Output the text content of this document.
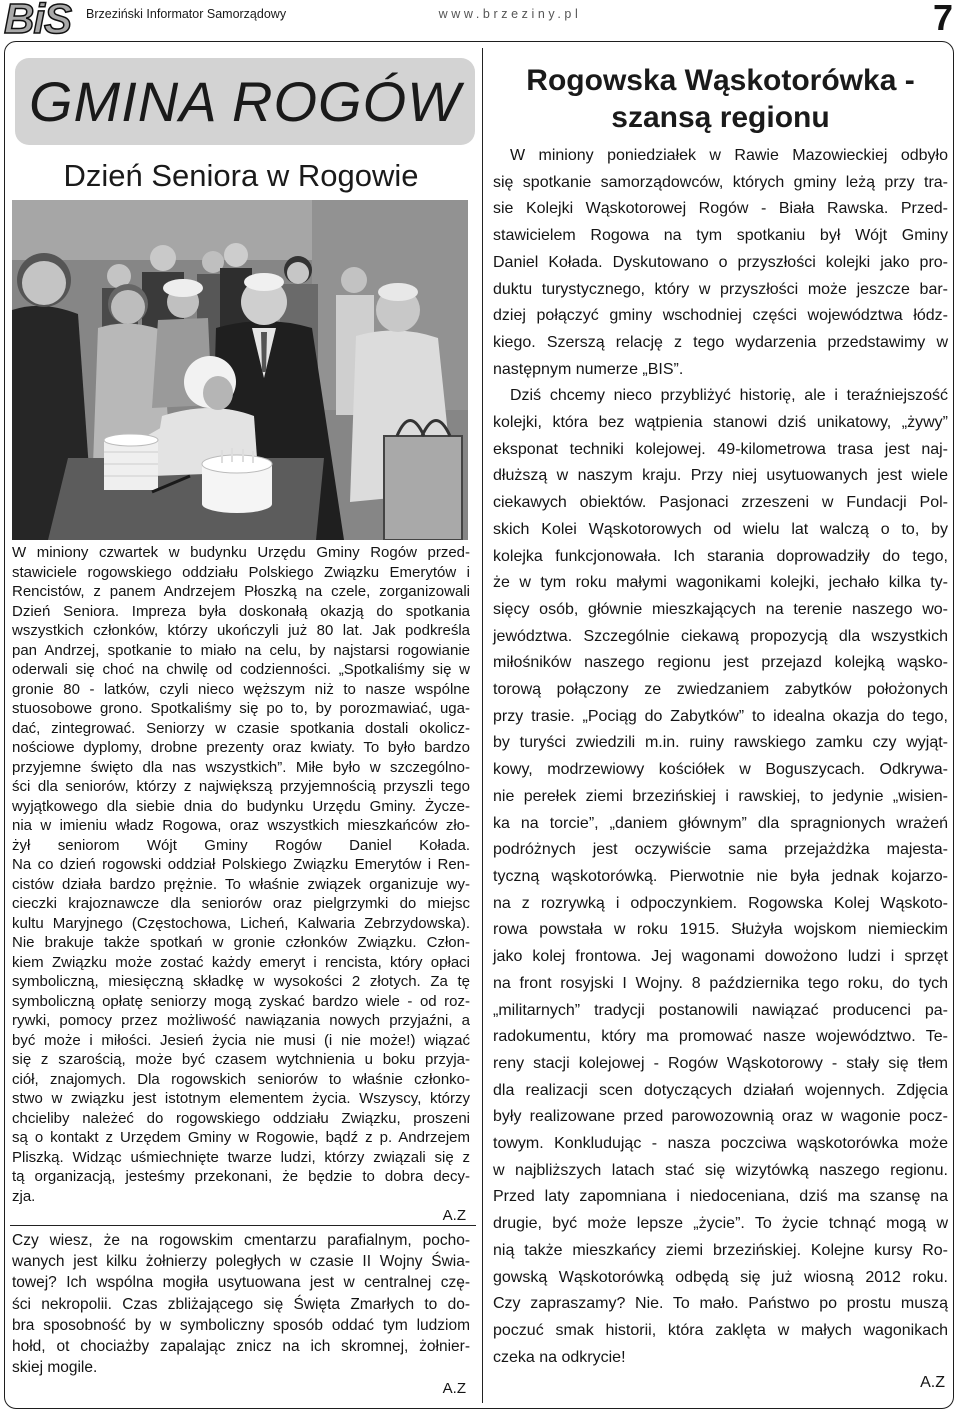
BiS Brzeziński Informator Samorządowy	www.brzeziny.pl	7
GMINA ROGÓW
Dzień Seniora w Rogowie
W miniony czwartek w budynku Urzędu Gminy Rogów przed-
stawiciele rogowskiego oddziału Polskiego Związku Emerytów i
Rencistów, z panem Andrzejem Płoszką na czele, zorganizowali
Dzień Seniora. Impreza była doskonałą okazją do spotkania
wszystkich członków, którzy ukończyli już 80 lat. Jak podkreśla
pan Andrzej, spotkanie to miało na celu, by najstarsi rogowianie
oderwali się choć na chwilę od codzienności. „Spotkaliśmy się w
gronie 80 - latków, czyli nieco węższym niż to nasze wspólne
stuosobowe grono. Spotkaliśmy się po to, by porozmawiać, uga-
dać, zintegrować. Seniorzy w czasie spotkania dostali okolicz-
nościowe dyplomy, drobne prezenty oraz kwiaty. To było bardzo
przyjemne święto dla nas wszystkich”. Miłe było w szczególno-
ści dla seniorów, którzy z największą przyjemnością przyszli tego
wyjątkowego dla siebie dnia do budynku Urzędu Gminy. Życze-
nia w imieniu władz Rogowa, oraz wszystkich mieszkańców zło-
żył seniorom Wójt Gminy Rogów Daniel Kołada.
Na co dzień rogowski oddział Polskiego Związku Emerytów i Ren-
cistów działa bardzo prężnie. To właśnie związek organizuje wy-
cieczki krajoznawcze dla seniorów oraz pielgrzymki do miejsc
kultu Maryjnego (Częstochowa, Licheń, Kalwaria Zebrzydowska).
Nie brakuje także spotkań w gronie członków Związku. Człon-
kiem Związku może zostać każdy emeryt i rencista, który opłaci
symboliczną, miesięczną składkę w wysokości 2 złotych. Za tę
symboliczną opłatę seniorzy mogą zyskać bardzo wiele - od roz-
rywki, pomocy przez możliwość nawiązania nowych przyjaźni, a
być może i miłości. Jesień życia nie musi (i nie może!) wiązać
się z szarością, może być czasem wytchnienia u boku przyja-
ciół, znajomych. Dla rogowskich seniorów to właśnie członko-
stwo w związku jest istotnym elementem życia. Wszyscy, którzy
chcieliby należeć do rogowskiego oddziału Związku, proszeni
są o kontakt z Urzędem Gminy w Rogowie, bądź z p. Andrzejem
Pliszką. Widząc uśmiechnięte twarze ludzi, którzy związali się z
tą organizacją, jesteśmy przekonani, że będzie to dobra decy-
zja.
A.Z
Czy wiesz, że na rogowskim cmentarzu parafialnym, pocho-
wanych jest kilku żołnierzy poległych w czasie II Wojny Świa-
towej? Ich wspólna mogiła usytuowana jest w centralnej czę-
ści nekropolii. Czas zbliżającego się Święta Zmarłych to do-
bra sposobność by w symboliczny sposób oddać tym ludziom
hołd, ot chociażby zapalając znicz na ich skromnej, żołnier-
skiej mogile.
A.Z
Rogowska Wąskotorówka -
szansą regionu
W miniony poniedziałek w Rawie Mazowieckiej odbyło
się spotkanie samorządowców, których gminy leżą przy tra-
sie Kolejki Wąskotorowej Rogów - Biała Rawska. Przed-
stawicielem Rogowa na tym spotkaniu był Wójt Gminy
Daniel Kołada. Dyskutowano o przyszłości kolejki jako pro-
duktu turystycznego, który w przyszłości może jeszcze bar-
dziej połączyć gminy wschodniej części województwa łódz-
kiego. Szerszą relację z tego wydarzenia przedstawimy w
następnym numerze „BIS”.
Dziś chcemy nieco przybliżyć historię, ale i teraźniejszość
kolejki, która bez wątpienia stanowi dziś unikatowy, „żywy”
eksponat techniki kolejowej. 49-kilometrowa trasa jest naj-
dłuższą w naszym kraju. Przy niej usytuowanych jest wiele
ciekawych obiektów. Pasjonaci zrzeszeni w Fundacji Pol-
skich Kolei Wąskotorowych od wielu lat walczą o to, by
kolejka funkcjonowała. Ich starania doprowadziły do tego,
że w tym roku małymi wagonikami kolejki, jechało kilka ty-
sięcy osób, głównie mieszkających na terenie naszego wo-
jewództwa. Szczególnie ciekawą propozycją dla wszystkich
miłośników naszego regionu jest przejazd kolejką wąsko-
torową połączony ze zwiedzaniem zabytków położonych
przy trasie. „Pociąg do Zabytków” to idealna okazja do tego,
by turyści zwiedzili m.in. ruiny rawskiego zamku czy wyjąt-
kowy, modrzewiowy kościółek w Boguszycach. Odkrywa-
nie perełek ziemi brzezińskiej i rawskiej, to jedynie „wisien-
ka na torcie”, „daniem głównym” dla spragnionych wrażeń
podróżnych jest oczywiście sama przejażdżka majesta-
tyczną wąskotorówką. Pierwotnie nie była jednak kojarzo-
na z rozrywką i odpoczynkiem. Rogowska Kolej Wąskoto-
rowa powstała w roku 1915. Służyła wojskom niemieckim
jako kolej frontowa. Jej wagonami dowożono ludzi i sprzęt
na front rosyjski I Wojny. 8 października tego roku, do tych
„militarnych” tradycji postanowili nawiązać producenci pa-
radokumentu, który ma promować nasze województwo. Te-
reny stacji kolejowej - Rogów Wąskotorowy - stały się tłem
dla realizacji scen dotyczących działań wojennych. Zdjęcia
były realizowane przed parowozownią oraz w wagonie pocz-
towym. Konkludując - nasza poczciwa wąskotorówka może
w najbliższych latach stać się wizytówką naszego regionu.
Przed laty zapomniana i niedoceniana, dziś ma szansę na
drugie, być może lepsze „życie”. To życie tchnąć mogą w
nią także mieszkańcy ziemi brzezińskiej. Kolejne kursy Ro-
gowską Wąskotorówką odbędą się już wiosną 2012 roku.
Czy zapraszamy? Nie. To mało. Państwo po prostu muszą
poczuć smak historii, która zaklęta w małych wagonikach
czeka na odkrycie!
A.Z
